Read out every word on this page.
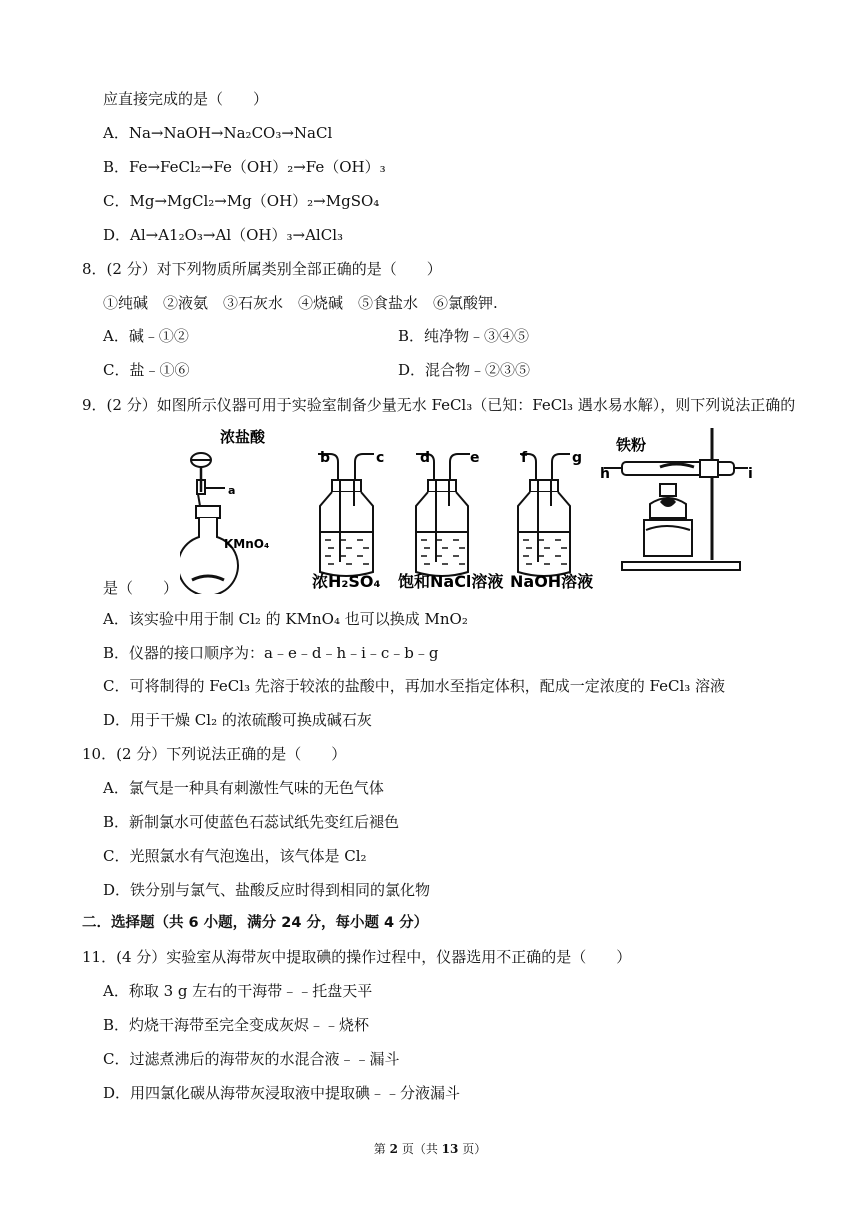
应直接完成的是（　　）
A．Na→NaOH→Na₂CO₃→NaCl
B．Fe→FeCl₂→Fe（OH）₂→Fe（OH）₃
C．Mg→MgCl₂→Mg（OH）₂→MgSO₄
D．Al→A1₂O₃→Al（OH）₃→AlCl₃
8．(2 分）对下列物质所属类别全部正确的是（　　）
①纯碱　②液氨　③石灰水　④烧碱　⑤食盐水　⑥氯酸钾.
A．碱﹣①②	B．纯净物﹣③④⑤
C．盐﹣①⑥	D．混合物﹣②③⑤
9．(2 分）如图所示仪器可用于实验室制备少量无水 FeCl₃（已知：FeCl₃ 遇水易水解），则下列说法正确的
浓盐酸
a
KMnO₄
b	c
浓H₂SO₄
d	e
饱和NaCl溶液
f	g
NaOH溶液
铁粉
h	i
是（　　）
A．该实验中用于制 Cl₂ 的 KMnO₄ 也可以换成 MnO₂
B．仪器的接口顺序为：a﹣e﹣d﹣h﹣i﹣c﹣b﹣g
C．可将制得的 FeCl₃ 先溶于较浓的盐酸中，再加水至指定体积，配成一定浓度的 FeCl₃ 溶液
D．用于干燥 Cl₂ 的浓硫酸可换成碱石灰
10．(2 分）下列说法正确的是（　　）
A．氯气是一种具有刺激性气味的无色气体
B．新制氯水可使蓝色石蕊试纸先变红后褪色
C．光照氯水有气泡逸出，该气体是 Cl₂
D．铁分别与氯气、盐酸反应时得到相同的氯化物
二．选择题（共 6 小题，满分 24 分，每小题 4 分）
11．(4 分）实验室从海带灰中提取碘的操作过程中，仪器选用不正确的是（　　）
A．称取 3 g 左右的干海带﹣﹣托盘天平
B．灼烧干海带至完全变成灰烬﹣﹣烧杯
C．过滤煮沸后的海带灰的水混合液﹣﹣漏斗
D．用四氯化碳从海带灰浸取液中提取碘﹣﹣分液漏斗
第 2 页（共 13 页）
